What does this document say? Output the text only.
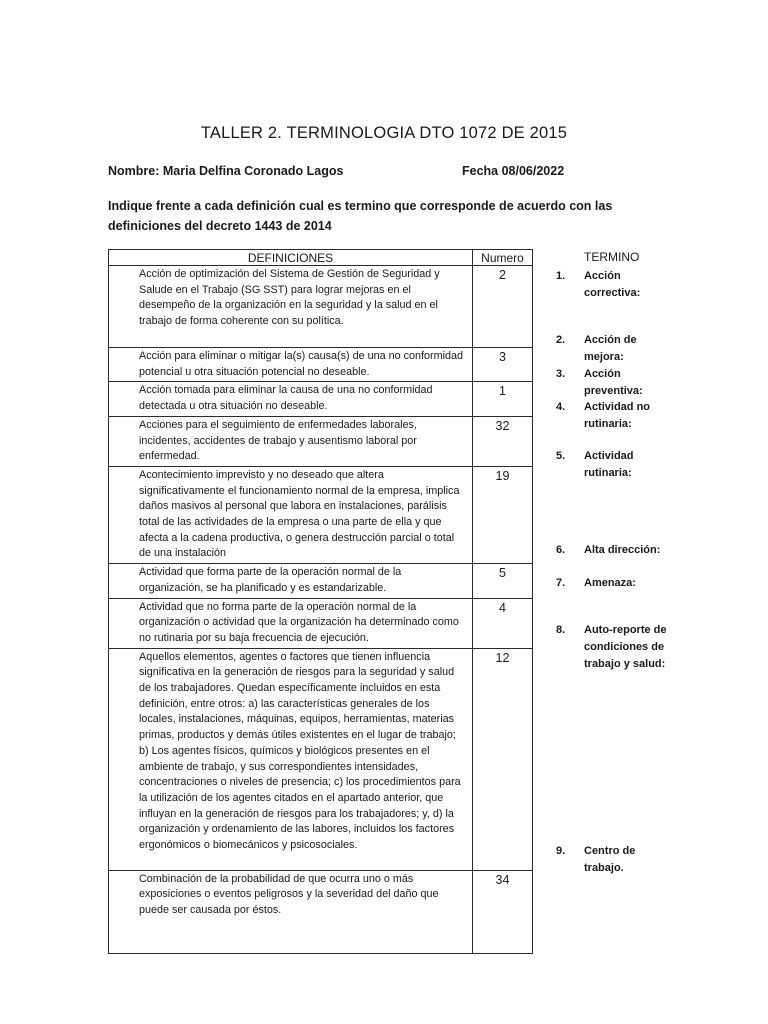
TALLER 2. TERMINOLOGIA DTO 1072 DE 2015
Nombre: Maria Delfina Coronado Lagos	Fecha 08/06/2022
Indique frente a cada definición cual es termino que corresponde de acuerdo con las definiciones del decreto 1443 de 2014
DEFINICIONES	Numero
Acción de optimización del Sistema de Gestión de Seguridad y Salude en el Trabajo (SG SST) para lograr mejoras en el desempeño de la organización en la seguridad y la salud en el trabajo de forma coherente con su política.	2
Acción para eliminar o mitigar la(s) causa(s) de una no conformidad potencial u otra situación potencial no deseable.	3
Acción tomada para eliminar la causa de una no conformidad detectada u otra situación no deseable.	1
Acciones para el seguimiento de enfermedades laborales, incidentes, accidentes de trabajo y ausentismo laboral por enfermedad.	32
Acontecimiento imprevisto y no deseado que altera significativamente el funcionamiento normal de la empresa, implica daños masivos al personal que labora en instalaciones, parálisis total de las actividades de la empresa o una parte de ella y que afecta a la cadena productiva, o genera destrucción parcial o total de una instalación	19
Actividad que forma parte de la operación normal de la organización, se ha planificado y es estandarizable.	5
Actividad que no forma parte de la operación normal de la organización o actividad que la organización ha determinado como no rutinaria por su baja frecuencia de ejecución.	4
Aquellos elementos, agentes o factores que tienen influencia significativa en la generación de riesgos para la seguridad y salud de los trabajadores. Quedan específicamente incluidos en esta definición, entre otros: a) las características generales de los locales, instalaciones, máquinas, equipos, herramientas, materias primas, productos y demás útiles existentes en el lugar de trabajo; b) Los agentes físicos, químicos y biológicos presentes en el ambiente de trabajo, y sus correspondientes intensidades, concentraciones o niveles de presencia; c) los procedimientos para la utilización de los agentes citados en el apartado anterior, que influyan en la generación de riesgos para los trabajadores; y, d) la organización y ordenamiento de las labores, incluidos los factores ergonómicos o biomecánicos y psicosociales.	12
Combinación de la probabilidad de que ocurra uno o más exposiciones o eventos peligrosos y la severidad del daño que puede ser causada por éstos.	34
TERMINO
1.	Acción correctiva:
2.	Acción de mejora:
3.	Acción preventiva:
4.	Actividad no rutinaria:
5.	Actividad rutinaria:
6.	Alta dirección:
7.	Amenaza:
8.	Auto-reporte de condiciones de trabajo y salud:
9.	Centro de trabajo.
